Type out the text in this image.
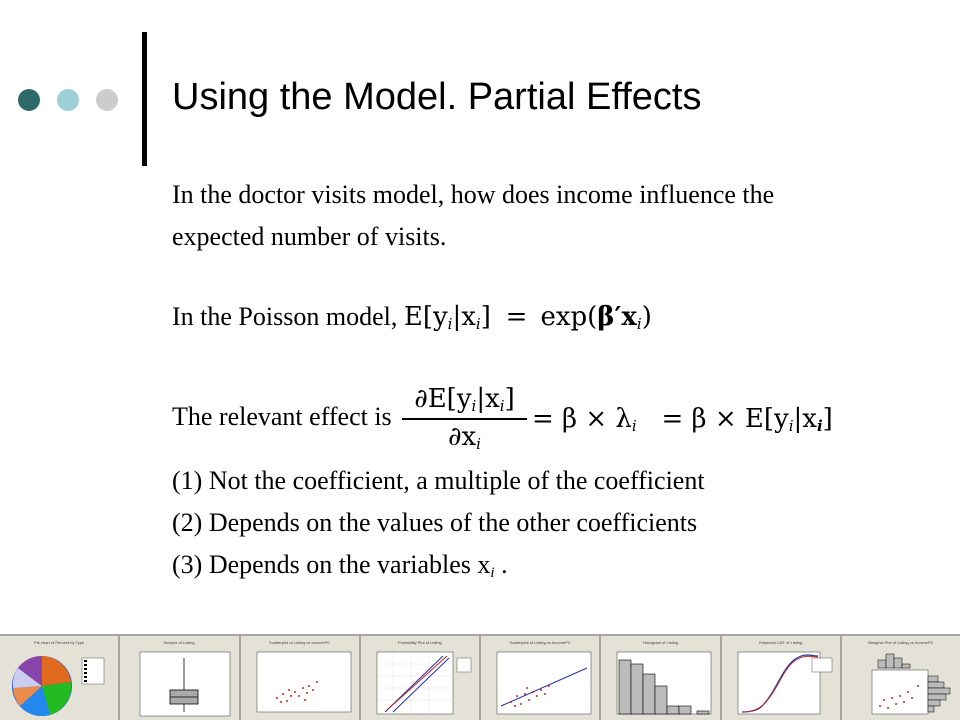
Using the Model. Partial Effects
In the doctor visits model, how does income influence the
expected number of visits.
In the Poisson model, $E[y_i|x_i] = \exp(\beta'x_i)$
The relevant effect is
$\partial E[y_i|x_i]$
$\partial x_i$
= $\beta \times \lambda_i = \beta \times E[y_i|x_i]$
(1) Not the coefficient, a multiple of the coefficient
(2) Depends on the values of the other coefficients
(3) Depends on the variables $x_i$ .
Pie chart of Percent by Type	Boxplot of Listing	Scatterplot of Listing vs IncomePC	Probability Plot of Listing	Scatterplot of Listing vs IncomePC	Histogram of Listing	Empirical CDF of Listing	Marginal Plot of Listing vs IncomePC
